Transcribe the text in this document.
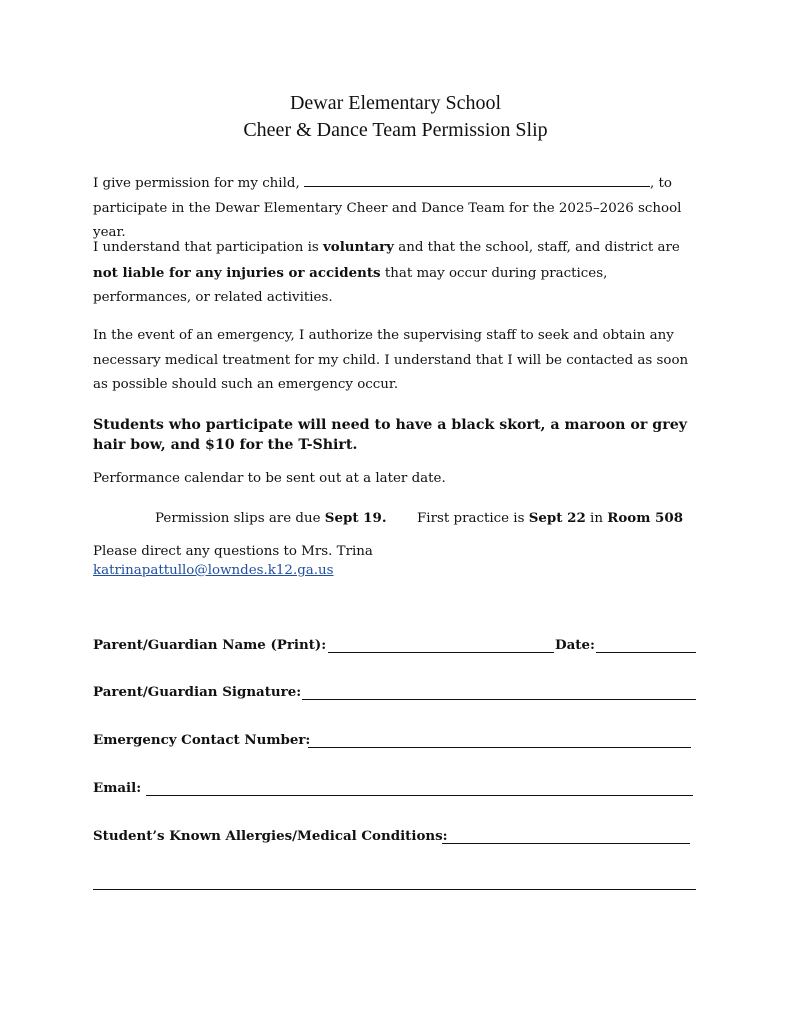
Dewar Elementary School
Cheer & Dance Team Permission Slip
I give permission for my child,	, to
participate in the Dewar Elementary Cheer and Dance Team for the 2025–2026 school year.
I understand that participation is voluntary and that the school, staff, and district are not liable for any injuries or accidents that may occur during practices, performances, or related activities.
In the event of an emergency, I authorize the supervising staff to seek and obtain any necessary medical treatment for my child. I understand that I will be contacted as soon as possible should such an emergency occur.
Students who participate will need to have a black skort, a maroon or grey hair bow, and $10 for the T-Shirt.
Performance calendar to be sent out at a later date.
Permission slips are due Sept 19. First practice is Sept 22 in Room 508
Please direct any questions to Mrs. Trina
katrinapattullo@lowndes.k12.ga.us
Parent/Guardian Name (Print):	Date:
Parent/Guardian Signature:
Emergency Contact Number:
Email:
Student’s Known Allergies/Medical Conditions:
